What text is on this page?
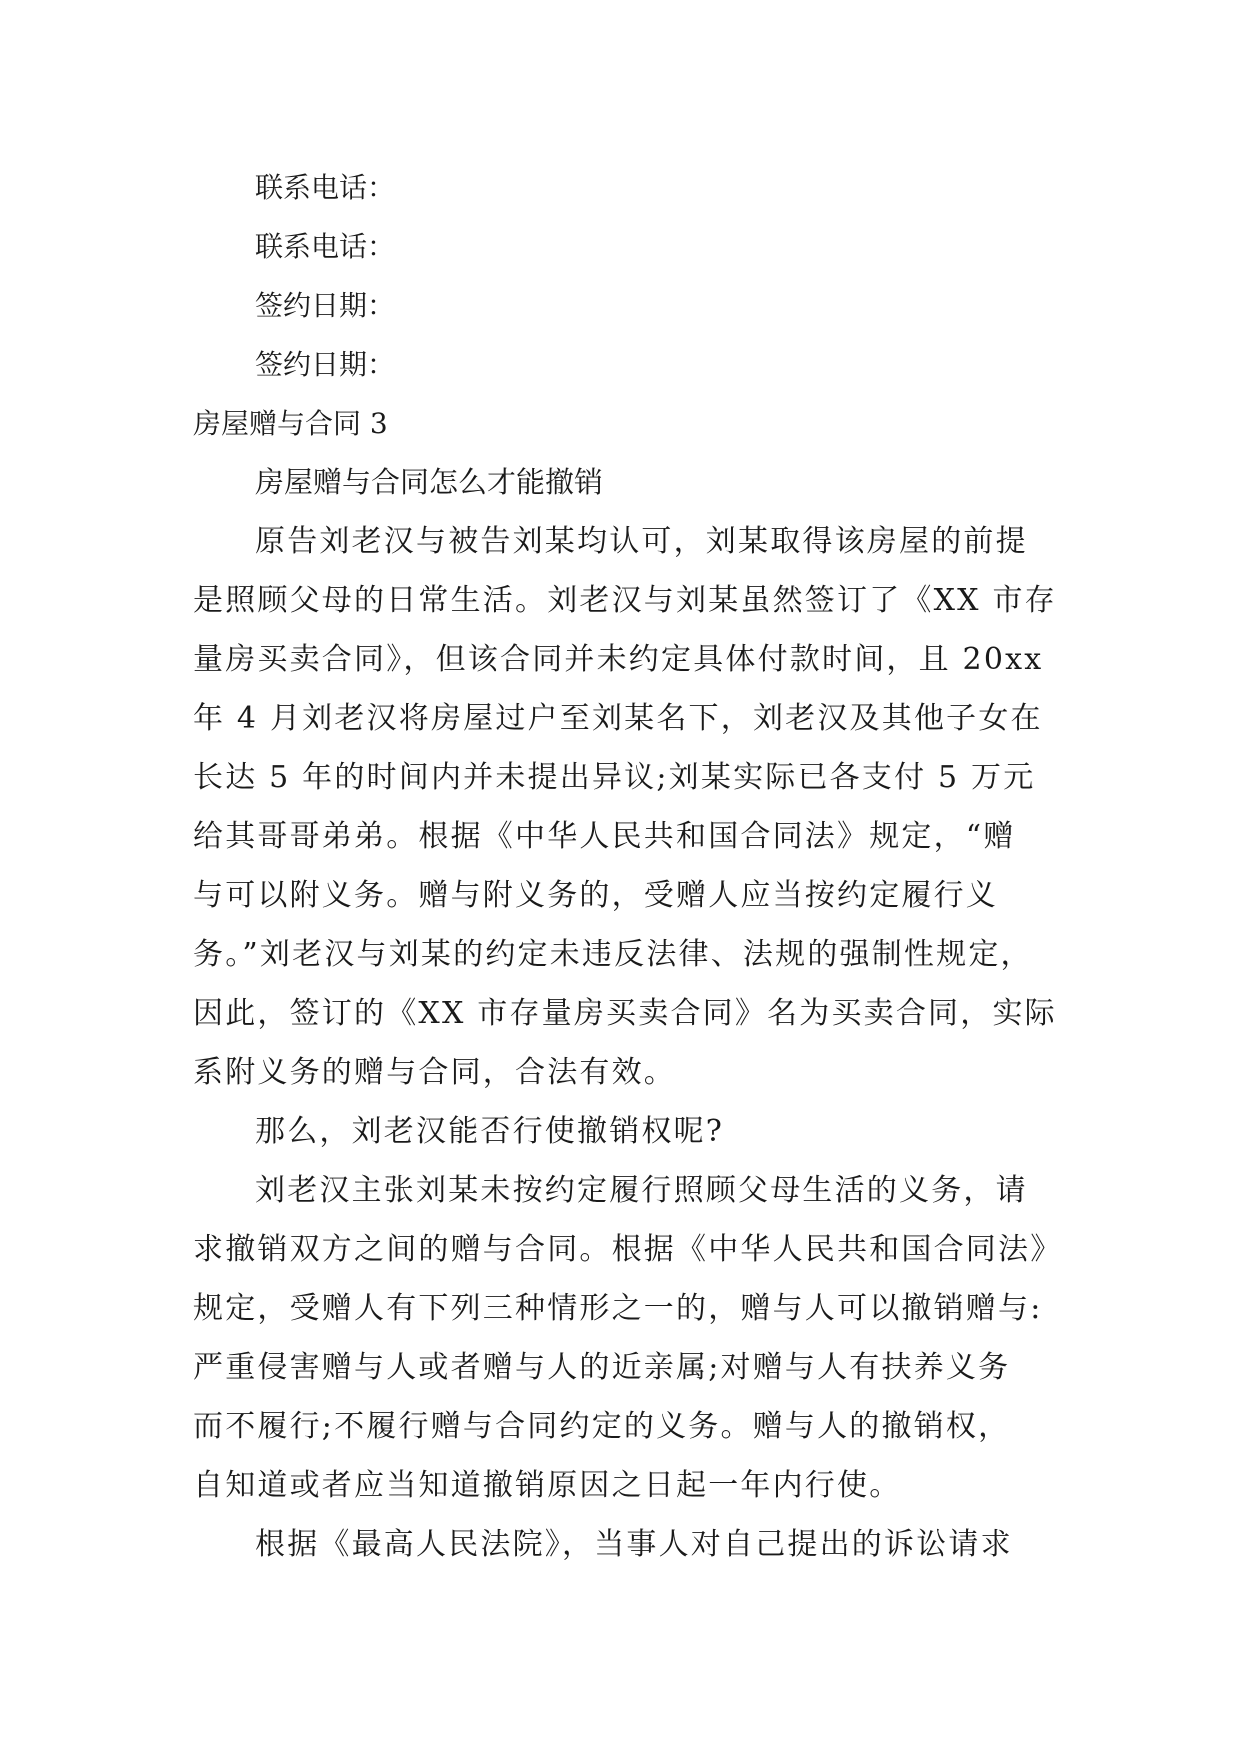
联系电话：
联系电话：
签约日期：
签约日期：
房屋赠与合同 3
房屋赠与合同怎么才能撤销

原告刘老汉与被告刘某均认可，刘某取得该房屋的前提
是照顾父母的日常生活。刘老汉与刘某虽然签订了《XX 市存
量房买卖合同》，但该合同并未约定具体付款时间，且 20xx
年 4 月刘老汉将房屋过户至刘某名下，刘老汉及其他子女在
长达 5 年的时间内并未提出异议;刘某实际已各支付 5 万元
给其哥哥弟弟。根据《中华人民共和国合同法》规定，“赠
与可以附义务。赠与附义务的，受赠人应当按约定履行义
务。”刘老汉与刘某的约定未违反法律、法规的强制性规定，
因此，签订的《XX 市存量房买卖合同》名为买卖合同，实际
系附义务的赠与合同，合法有效。

那么，刘老汉能否行使撤销权呢?

刘老汉主张刘某未按约定履行照顾父母生活的义务，请
求撤销双方之间的赠与合同。根据《中华人民共和国合同法》
规定，受赠人有下列三种情形之一的，赠与人可以撤销赠与:
严重侵害赠与人或者赠与人的近亲属;对赠与人有扶养义务
而不履行;不履行赠与合同约定的义务。赠与人的撤销权，
自知道或者应当知道撤销原因之日起一年内行使。

根据《最高人民法院》，当事人对自己提出的诉讼请求
